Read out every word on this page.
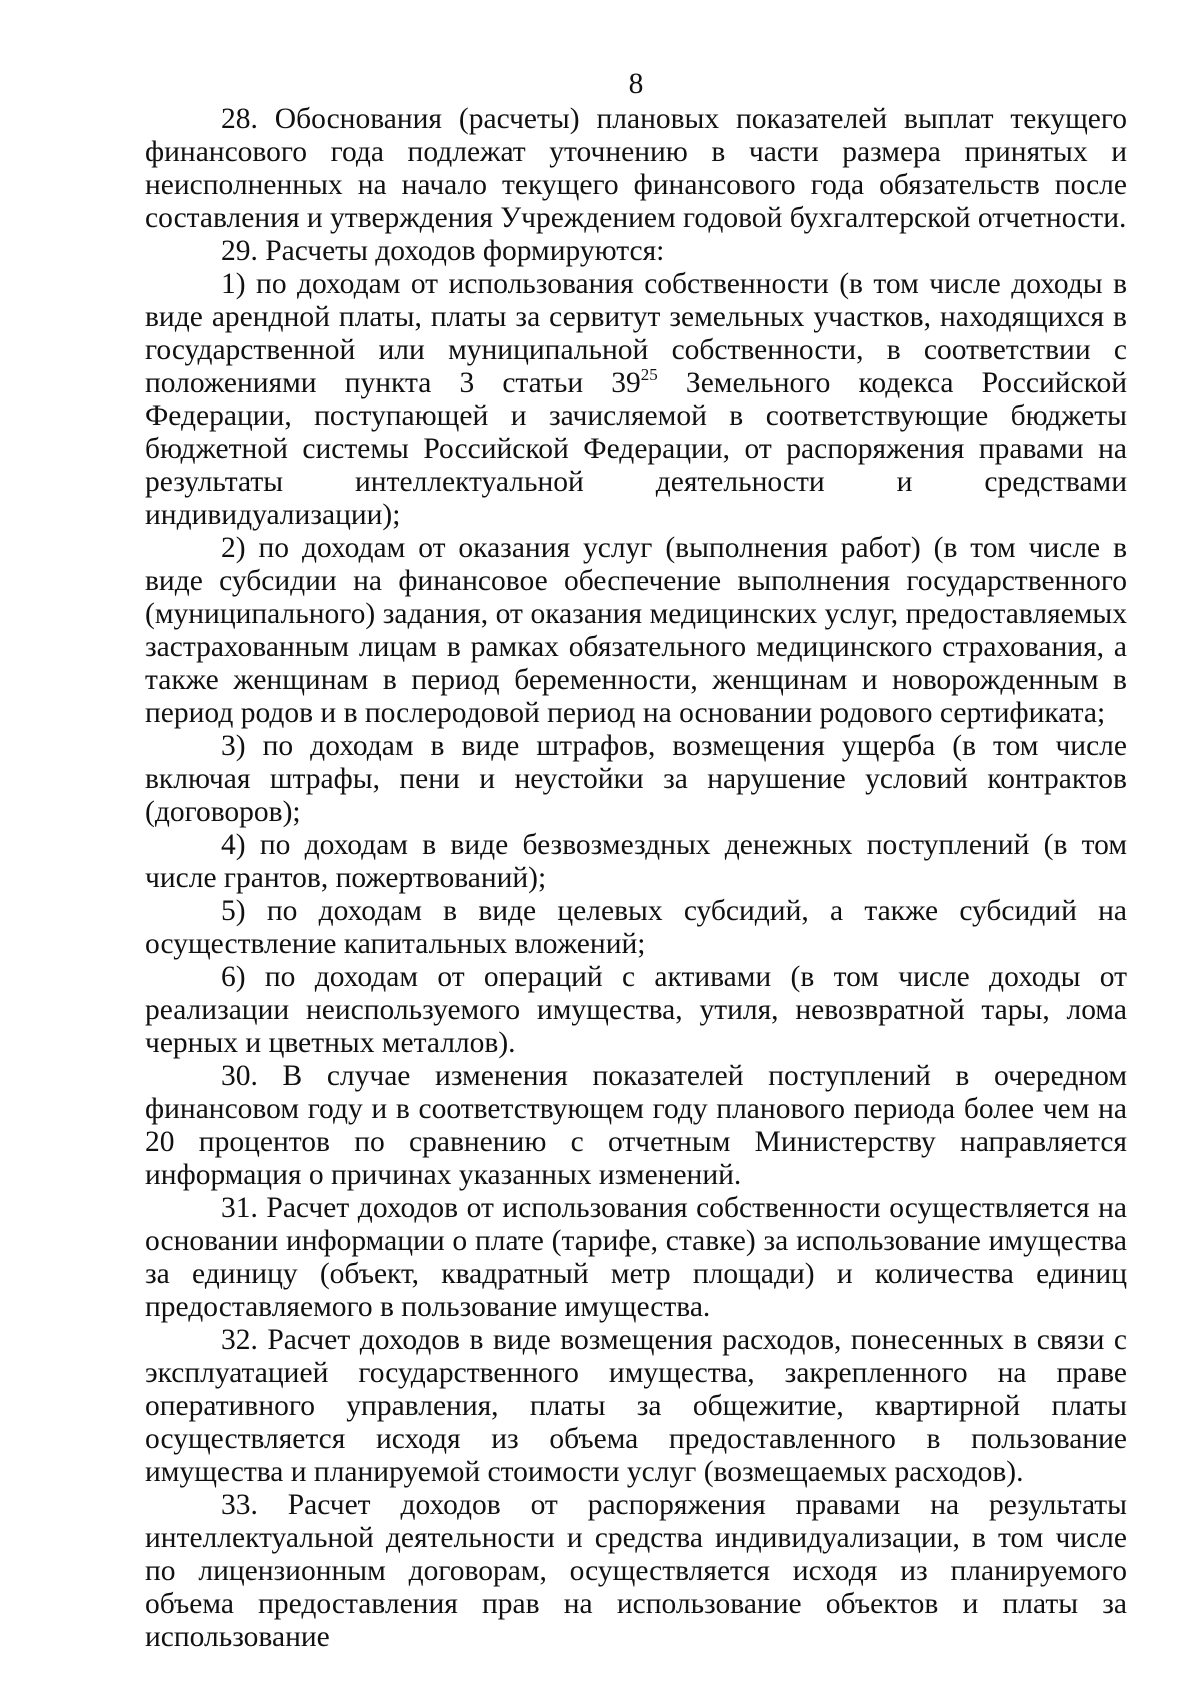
8

28. Обоснования (расчеты) плановых показателей выплат текущего финансового года подлежат уточнению в части размера принятых и неисполненных на начало текущего финансового года обязательств после составления и утверждения Учреждением годовой бухгалтерской отчетности.

29. Расчеты доходов формируются:

1) по доходам от использования собственности (в том числе доходы в виде арендной платы, платы за сервитут земельных участков, находящихся в государственной или муниципальной собственности, в соответствии с положениями пункта 3 статьи $39^{25}$ Земельного кодекса Российской Федерации, поступающей и зачисляемой в соответствующие бюджеты бюджетной системы Российской Федерации, от распоряжения правами на результаты интеллектуальной деятельности и средствами индивидуализации);

2) по доходам от оказания услуг (выполнения работ) (в том числе в виде субсидии на финансовое обеспечение выполнения государственного (муниципального) задания, от оказания медицинских услуг, предоставляемых застрахованным лицам в рамках обязательного медицинского страхования, а также женщинам в период беременности, женщинам и новорожденным в период родов и в послеродовой период на основании родового сертификата;

3) по доходам в виде штрафов, возмещения ущерба (в том числе включая штрафы, пени и неустойки за нарушение условий контрактов (договоров);

4) по доходам в виде безвозмездных денежных поступлений (в том числе грантов, пожертвований);

5) по доходам в виде целевых субсидий, а также субсидий на осуществление капитальных вложений;

6) по доходам от операций с активами (в том числе доходы от реализации неиспользуемого имущества, утиля, невозвратной тары, лома черных и цветных металлов).

30. В случае изменения показателей поступлений в очередном финансовом году и в соответствующем году планового периода более чем на 20 процентов по сравнению с отчетным Министерству направляется информация о причинах указанных изменений.

31. Расчет доходов от использования собственности осуществляется на основании информации о плате (тарифе, ставке) за использование имущества за единицу (объект, квадратный метр площади) и количества единиц предоставляемого в пользование имущества.

32. Расчет доходов в виде возмещения расходов, понесенных в связи с эксплуатацией государственного имущества, закрепленного на праве оперативного управления, платы за общежитие, квартирной платы осуществляется исходя из объема предоставленного в пользование имущества и планируемой стоимости услуг (возмещаемых расходов).

33. Расчет доходов от распоряжения правами на результаты интеллектуальной деятельности и средства индивидуализации, в том числе по лицензионным договорам, осуществляется исходя из планируемого объема предоставления прав на использование объектов и платы за использование
